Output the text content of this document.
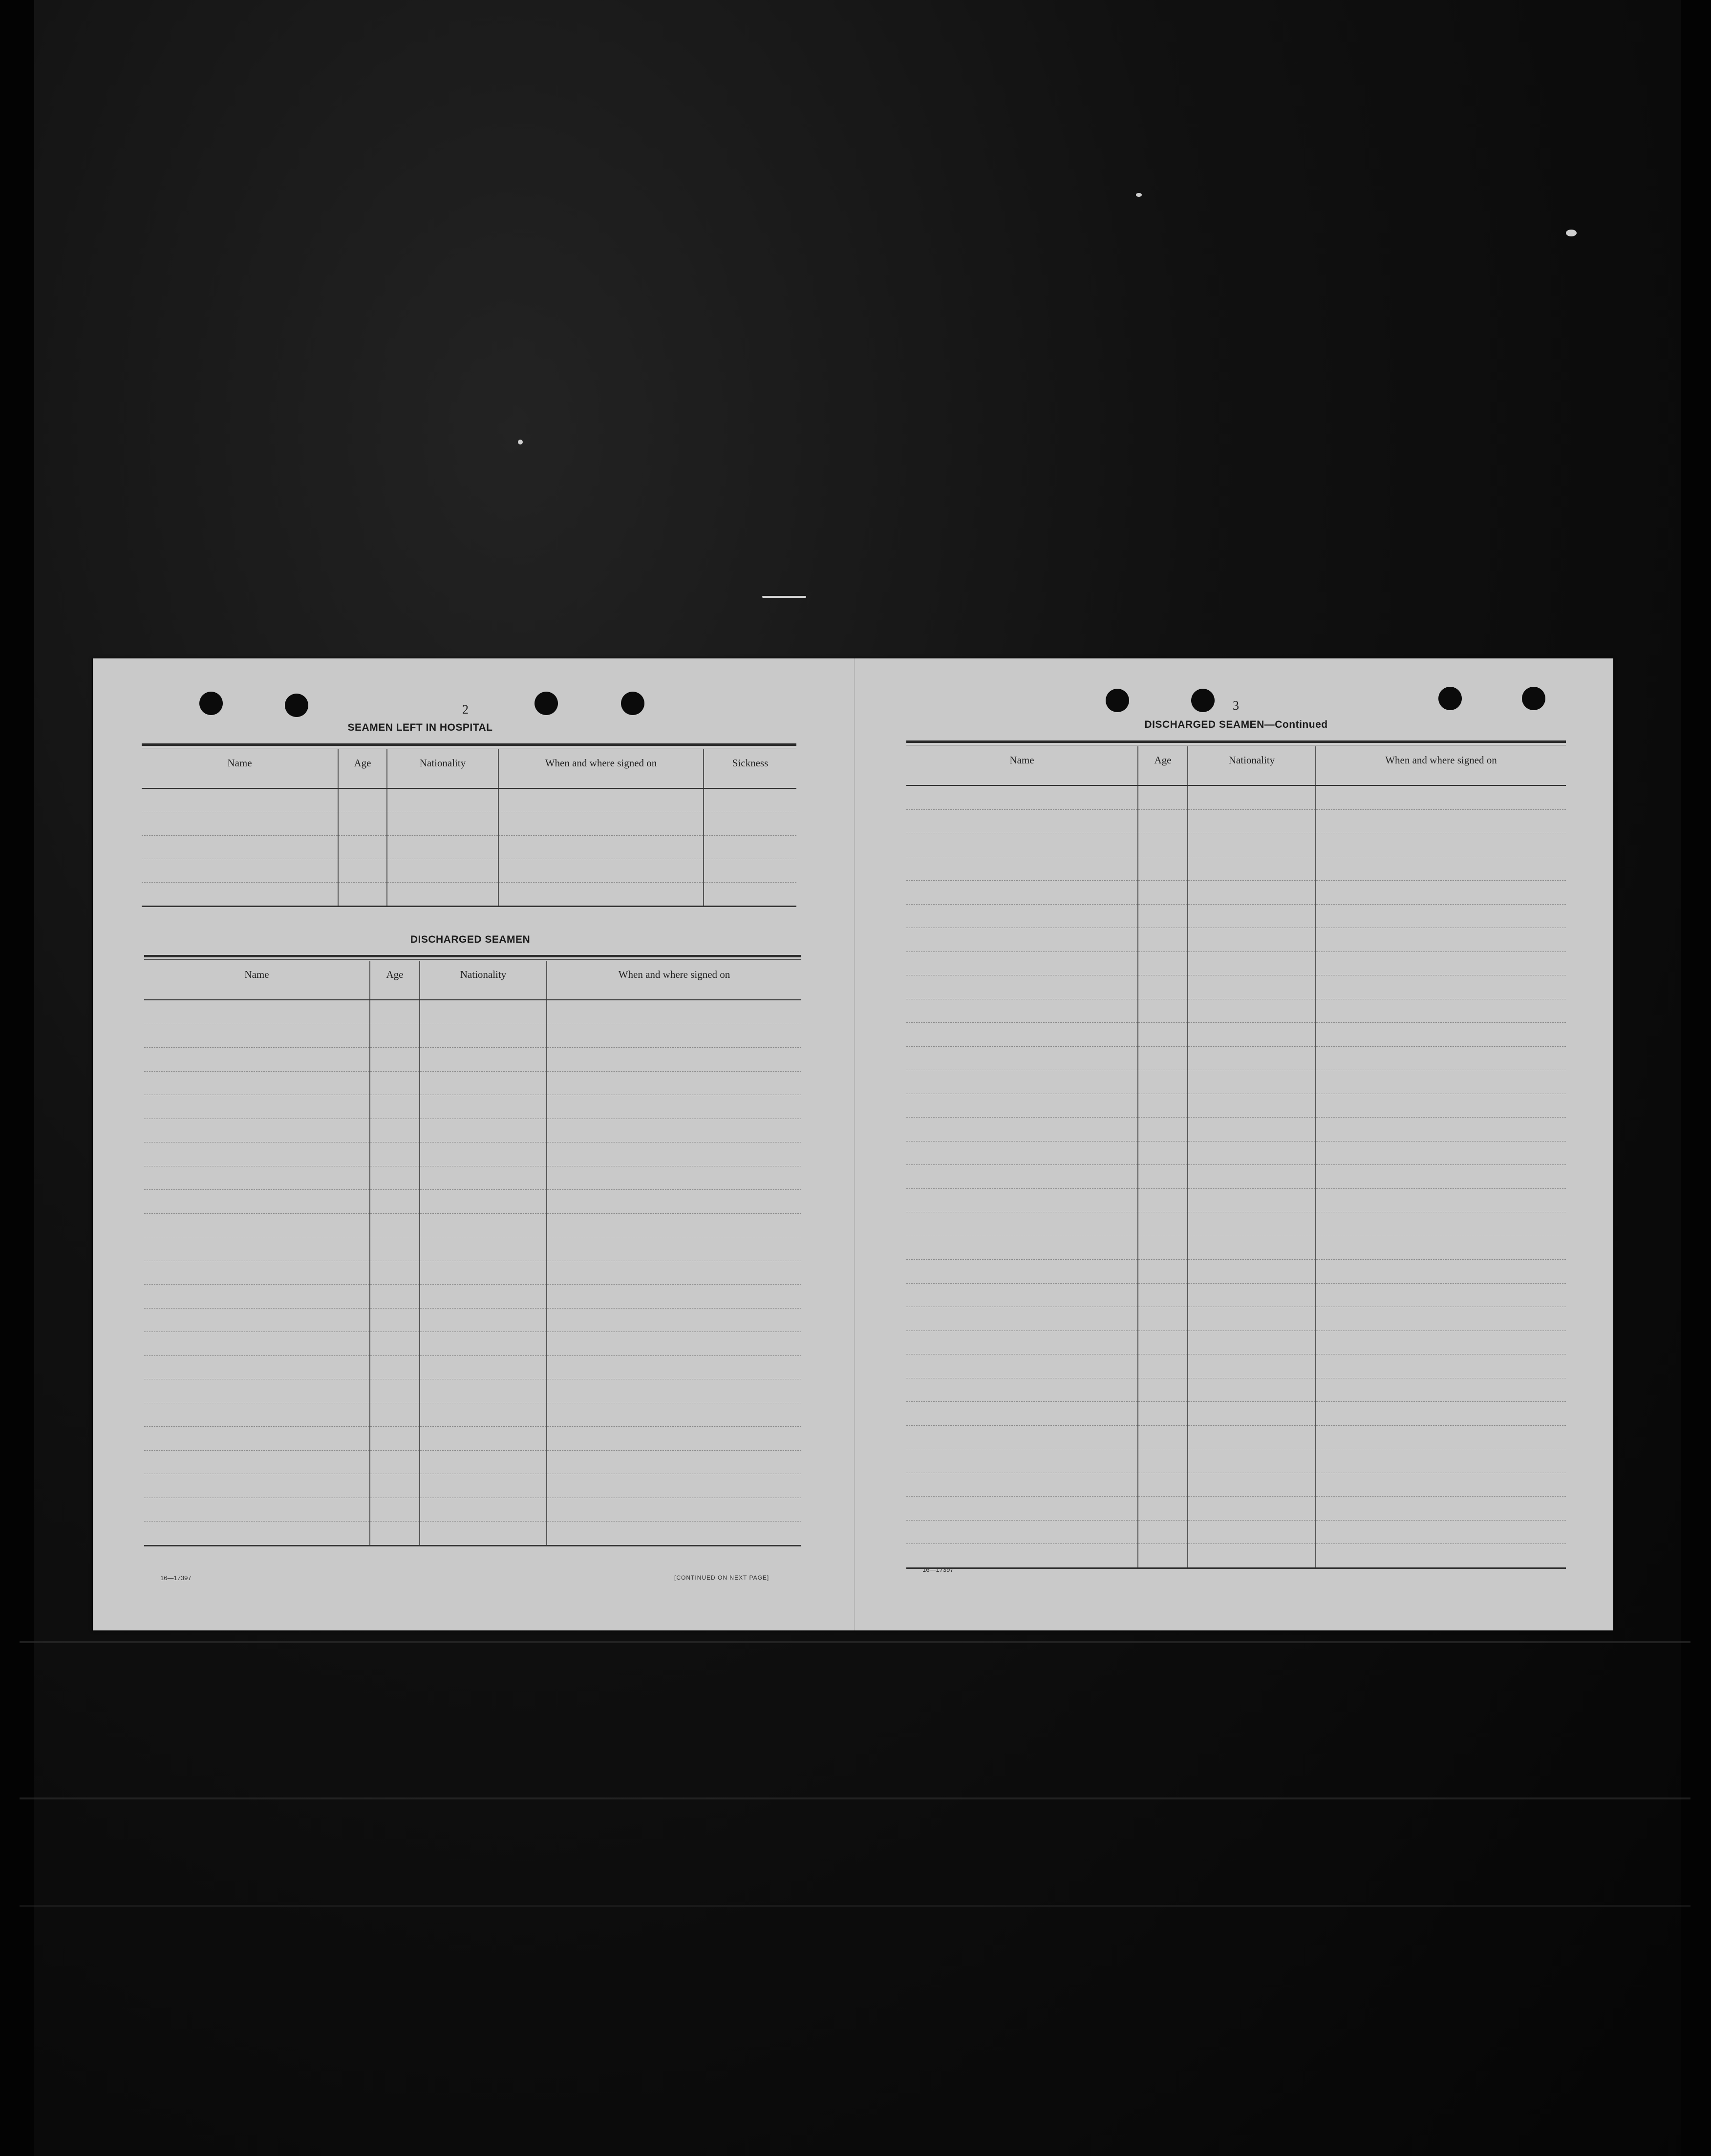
2
SEAMEN LEFT IN HOSPITAL
Name	Age	Nationality	When and where signed on	Sickness

DISCHARGED SEAMEN
Name	Age	Nationality	When and where signed on

16—17397	[CONTINUED ON NEXT PAGE]
3
DISCHARGED SEAMEN—Continued
Name	Age	Nationality	When and where signed on

16—17397
